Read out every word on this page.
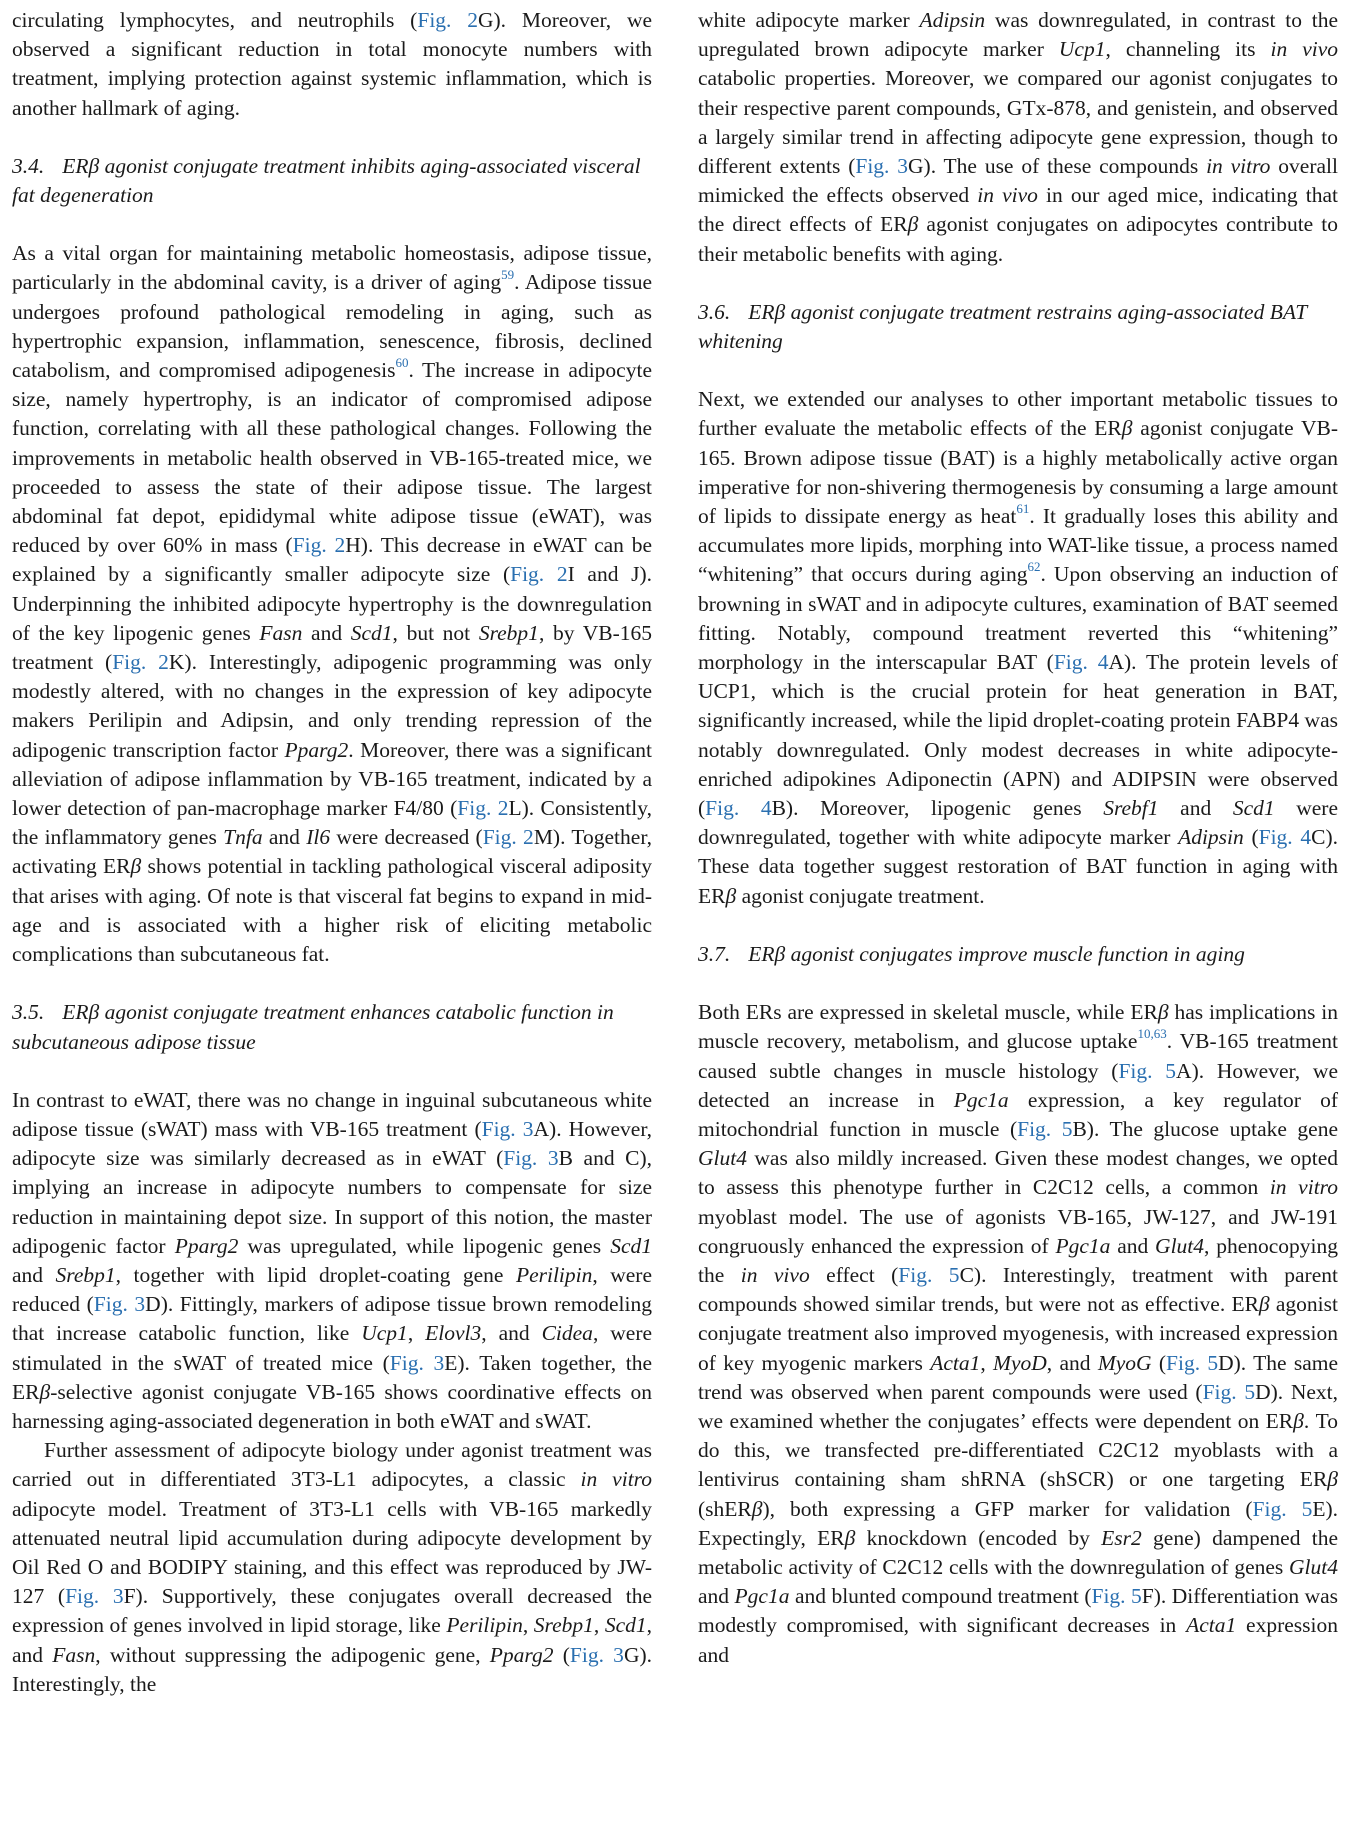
circulating lymphocytes, and neutrophils (Fig. 2G). Moreover, we observed a significant reduction in total monocyte numbers with treatment, implying protection against systemic inflammation, which is another hallmark of aging.

3.4. ERβ agonist conjugate treatment inhibits aging-associated visceral fat degeneration

As a vital organ for maintaining metabolic homeostasis, adipose tissue, particularly in the abdominal cavity, is a driver of aging$^{59}$. Adipose tissue undergoes profound pathological remodeling in aging, such as hypertrophic expansion, inflammation, senescence, fibrosis, declined catabolism, and compromised adipogenesis$^{60}$. The increase in adipocyte size, namely hypertrophy, is an indicator of compromised adipose function, correlating with all these pathological changes. Following the improvements in metabolic health observed in VB-165-treated mice, we proceeded to assess the state of their adipose tissue. The largest abdominal fat depot, epididymal white adipose tissue (eWAT), was reduced by over 60% in mass (Fig. 2H). This decrease in eWAT can be explained by a significantly smaller adipocyte size (Fig. 2I and J). Underpinning the inhibited adipocyte hypertrophy is the downregulation of the key lipogenic genes Fasn and Scd1, but not Srebp1, by VB-165 treatment (Fig. 2K). Interestingly, adipogenic programming was only modestly altered, with no changes in the expression of key adipocyte makers Perilipin and Adipsin, and only trending repression of the adipogenic transcription factor Pparg2. Moreover, there was a significant alleviation of adipose inflammation by VB-165 treatment, indicated by a lower detection of pan-macrophage marker F4/80 (Fig. 2L). Consistently, the inflammatory genes Tnfa and Il6 were decreased (Fig. 2M). Together, activating ERβ shows potential in tackling pathological visceral adiposity that arises with aging. Of note is that visceral fat begins to expand in mid-age and is associated with a higher risk of eliciting metabolic complications than subcutaneous fat.

3.5. ERβ agonist conjugate treatment enhances catabolic function in subcutaneous adipose tissue

In contrast to eWAT, there was no change in inguinal subcutaneous white adipose tissue (sWAT) mass with VB-165 treatment (Fig. 3A). However, adipocyte size was similarly decreased as in eWAT (Fig. 3B and C), implying an increase in adipocyte numbers to compensate for size reduction in maintaining depot size. In support of this notion, the master adipogenic factor Pparg2 was upregulated, while lipogenic genes Scd1 and Srebp1, together with lipid droplet-coating gene Perilipin, were reduced (Fig. 3D). Fittingly, markers of adipose tissue brown remodeling that increase catabolic function, like Ucp1, Elovl3, and Cidea, were stimulated in the sWAT of treated mice (Fig. 3E). Taken together, the ERβ-selective agonist conjugate VB-165 shows coordinative effects on harnessing aging-associated degeneration in both eWAT and sWAT.

Further assessment of adipocyte biology under agonist treatment was carried out in differentiated 3T3-L1 adipocytes, a classic in vitro adipocyte model. Treatment of 3T3-L1 cells with VB-165 markedly attenuated neutral lipid accumulation during adipocyte development by Oil Red O and BODIPY staining, and this effect was reproduced by JW-127 (Fig. 3F). Supportively, these conjugates overall decreased the expression of genes involved in lipid storage, like Perilipin, Srebp1, Scd1, and Fasn, without suppressing the adipogenic gene, Pparg2 (Fig. 3G). Interestingly, the

white adipocyte marker Adipsin was downregulated, in contrast to the upregulated brown adipocyte marker Ucp1, channeling its in vivo catabolic properties. Moreover, we compared our agonist conjugates to their respective parent compounds, GTx-878, and genistein, and observed a largely similar trend in affecting adipocyte gene expression, though to different extents (Fig. 3G). The use of these compounds in vitro overall mimicked the effects observed in vivo in our aged mice, indicating that the direct effects of ERβ agonist conjugates on adipocytes contribute to their metabolic benefits with aging.

3.6. ERβ agonist conjugate treatment restrains aging-associated BAT whitening

Next, we extended our analyses to other important metabolic tissues to further evaluate the metabolic effects of the ERβ agonist conjugate VB-165. Brown adipose tissue (BAT) is a highly metabolically active organ imperative for non-shivering thermogenesis by consuming a large amount of lipids to dissipate energy as heat$^{61}$. It gradually loses this ability and accumulates more lipids, morphing into WAT-like tissue, a process named “whitening” that occurs during aging$^{62}$. Upon observing an induction of browning in sWAT and in adipocyte cultures, examination of BAT seemed fitting. Notably, compound treatment reverted this “whitening” morphology in the interscapular BAT (Fig. 4A). The protein levels of UCP1, which is the crucial protein for heat generation in BAT, significantly increased, while the lipid droplet-coating protein FABP4 was notably downregulated. Only modest decreases in white adipocyte-enriched adipokines Adiponectin (APN) and ADIPSIN were observed (Fig. 4B). Moreover, lipogenic genes Srebf1 and Scd1 were downregulated, together with white adipocyte marker Adipsin (Fig. 4C). These data together suggest restoration of BAT function in aging with ERβ agonist conjugate treatment.

3.7. ERβ agonist conjugates improve muscle function in aging

Both ERs are expressed in skeletal muscle, while ERβ has implications in muscle recovery, metabolism, and glucose uptake$^{10,63}$. VB-165 treatment caused subtle changes in muscle histology (Fig. 5A). However, we detected an increase in Pgc1a expression, a key regulator of mitochondrial function in muscle (Fig. 5B). The glucose uptake gene Glut4 was also mildly increased. Given these modest changes, we opted to assess this phenotype further in C2C12 cells, a common in vitro myoblast model. The use of agonists VB-165, JW-127, and JW-191 congruously enhanced the expression of Pgc1a and Glut4, phenocopying the in vivo effect (Fig. 5C). Interestingly, treatment with parent compounds showed similar trends, but were not as effective. ERβ agonist conjugate treatment also improved myogenesis, with increased expression of key myogenic markers Acta1, MyoD, and MyoG (Fig. 5D). The same trend was observed when parent compounds were used (Fig. 5D). Next, we examined whether the conjugates’ effects were dependent on ERβ. To do this, we transfected pre-differentiated C2C12 myoblasts with a lentivirus containing sham shRNA (shSCR) or one targeting ERβ (shERβ), both expressing a GFP marker for validation (Fig. 5E). Expectingly, ERβ knockdown (encoded by Esr2 gene) dampened the metabolic activity of C2C12 cells with the downregulation of genes Glut4 and Pgc1a and blunted compound treatment (Fig. 5F). Differentiation was modestly compromised, with significant decreases in Acta1 expression and
